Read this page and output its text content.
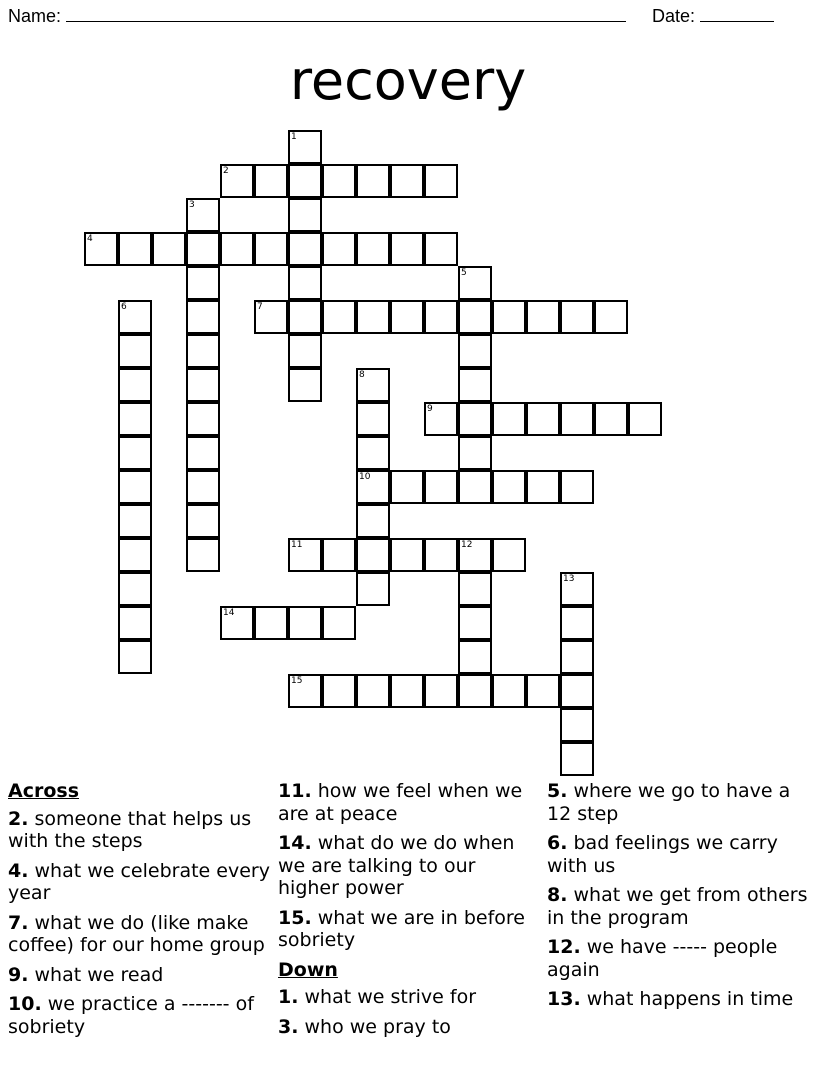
Name:	Date:
recovery
2
4
7
9
10
11	12
14
15
1
3
5
6
8
13
Across
2. someone that helps us with the steps
4. what we celebrate every year
7. what we do (like make coffee) for our home group
9. what we read
10. we practice a ------- of sobriety
11. how we feel when we are at peace
14. what do we do when we are talking to our higher power
15. what we are in before sobriety
Down
1. what we strive for
3. who we pray to
5. where we go to have a 12 step
6. bad feelings we carry with us
8. what we get from others in the program
12. we have ----- people again
13. what happens in time
